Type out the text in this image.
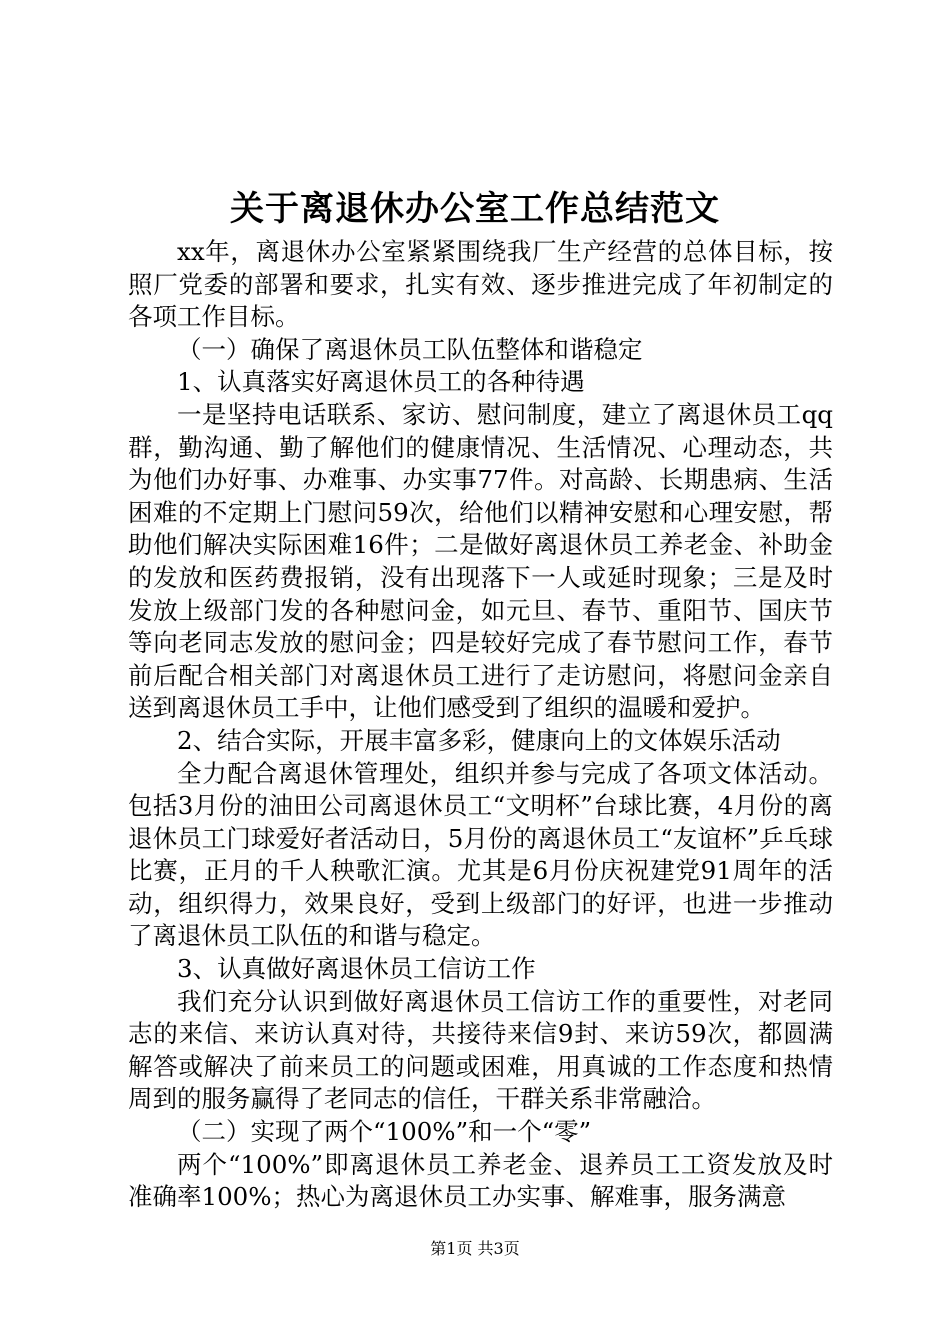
关于离退休办公室工作总结范文

xx年，离退休办公室紧紧围绕我厂生产经营的总体目标，按照厂党委的部署和要求，扎实有效、逐步推进完成了年初制定的各项工作目标。

（一）确保了离退休员工队伍整体和谐稳定

1、认真落实好离退休员工的各种待遇

一是坚持电话联系、家访、慰问制度，建立了离退休员工qq群，勤沟通、勤了解他们的健康情况、生活情况、心理动态，共为他们办好事、办难事、办实事77件。对高龄、长期患病、生活困难的不定期上门慰问59次，给他们以精神安慰和心理安慰，帮助他们解决实际困难16件；二是做好离退休员工养老金、补助金的发放和医药费报销，没有出现落下一人或延时现象；三是及时发放上级部门发的各种慰问金，如元旦、春节、重阳节、国庆节等向老同志发放的慰问金；四是较好完成了春节慰问工作，春节前后配合相关部门对离退休员工进行了走访慰问，将慰问金亲自送到离退休员工手中，让他们感受到了组织的温暖和爱护。

2、结合实际，开展丰富多彩，健康向上的文体娱乐活动

全力配合离退休管理处，组织并参与完成了各项文体活动。包括3月份的油田公司离退休员工“文明杯”台球比赛，4月份的离退休员工门球爱好者活动日，5月份的离退休员工“友谊杯”乒乓球比赛，正月的千人秧歌汇演。尤其是6月份庆祝建党91周年的活动，组织得力，效果良好，受到上级部门的好评，也进一步推动了离退休员工队伍的和谐与稳定。

3、认真做好离退休员工信访工作

我们充分认识到做好离退休员工信访工作的重要性，对老同志的来信、来访认真对待，共接待来信9封、来访59次，都圆满解答或解决了前来员工的问题或困难，用真诚的工作态度和热情周到的服务赢得了老同志的信任，干群关系非常融洽。

（二）实现了两个“100%”和一个“零”

两个“100%”即离退休员工养老金、退养员工工资发放及时准确率100%；热心为离退休员工办实事、解难事，服务满意

第1页 共3页
